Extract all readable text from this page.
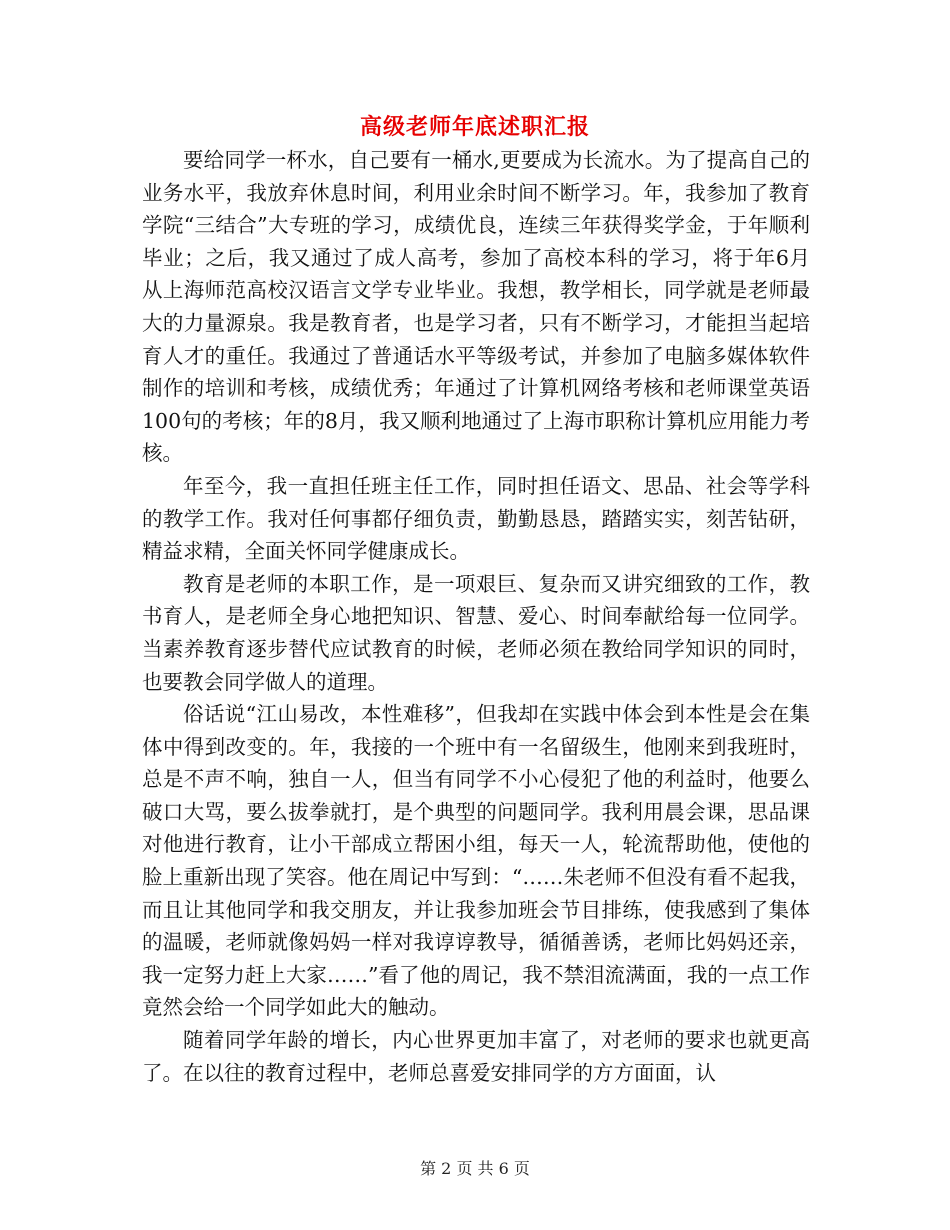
高级老师年底述职汇报

要给同学一杯水，自己要有一桶水,更要成为长流水。为了提高自己的业务水平，我放弃休息时间，利用业余时间不断学习。年，我参加了教育学院“三结合”大专班的学习，成绩优良，连续三年获得奖学金，于年顺利毕业；之后，我又通过了成人高考，参加了高校本科的学习，将于年6月从上海师范高校汉语言文学专业毕业。我想，教学相长，同学就是老师最大的力量源泉。我是教育者，也是学习者，只有不断学习，才能担当起培育人才的重任。我通过了普通话水平等级考试，并参加了电脑多媒体软件制作的培训和考核，成绩优秀；年通过了计算机网络考核和老师课堂英语100句的考核；年的8月，我又顺利地通过了上海市职称计算机应用能力考核。

年至今，我一直担任班主任工作，同时担任语文、思品、社会等学科的教学工作。我对任何事都仔细负责，勤勤恳恳，踏踏实实，刻苦钻研，精益求精，全面关怀同学健康成长。

教育是老师的本职工作，是一项艰巨、复杂而又讲究细致的工作，教书育人，是老师全身心地把知识、智慧、爱心、时间奉献给每一位同学。当素养教育逐步替代应试教育的时候，老师必须在教给同学知识的同时，也要教会同学做人的道理。

俗话说“江山易改，本性难移”，但我却在实践中体会到本性是会在集体中得到改变的。年，我接的一个班中有一名留级生，他刚来到我班时，总是不声不响，独自一人，但当有同学不小心侵犯了他的利益时，他要么破口大骂，要么拔拳就打，是个典型的问题同学。我利用晨会课，思品课对他进行教育，让小干部成立帮困小组，每天一人，轮流帮助他，使他的脸上重新出现了笑容。他在周记中写到：“……朱老师不但没有看不起我，而且让其他同学和我交朋友，并让我参加班会节目排练，使我感到了集体的温暖，老师就像妈妈一样对我谆谆教导，循循善诱，老师比妈妈还亲，我一定努力赶上大家……”看了他的周记，我不禁泪流满面，我的一点工作竟然会给一个同学如此大的触动。

随着同学年龄的增长，内心世界更加丰富了，对老师的要求也就更高了。在以往的教育过程中，老师总喜爱安排同学的方方面面，认

第 2 页 共 6 页
